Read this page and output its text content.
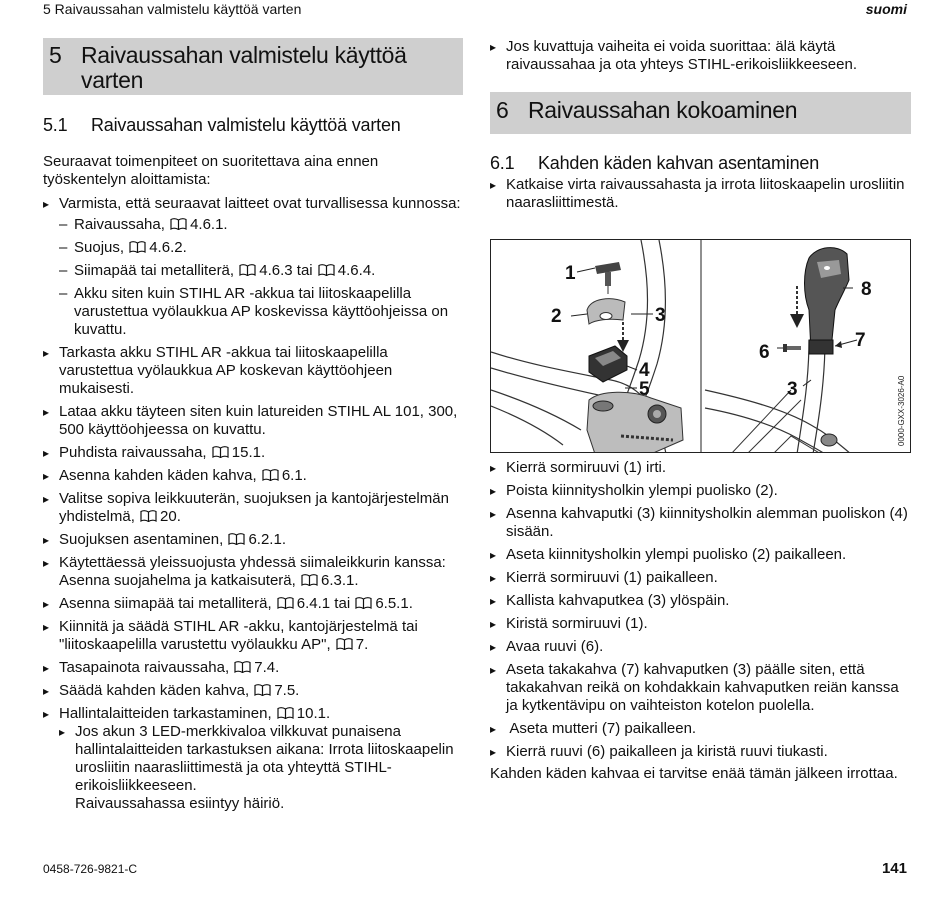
5 Raivaussahan valmistelu käyttöä varten	suomi
5 Raivaussahan valmistelu käyttöä varten
5.1	Raivaussahan valmistelu käyttöä varten

Seuraavat toimenpiteet on suoritettava aina ennen työskentelyn aloittamista:

▸ Varmista, että seuraavat laitteet ovat turvallisessa kunnossa:
– Raivaussaha, 4.6.1.
– Suojus, 4.6.2.
– Siimapää tai metalliterä, 4.6.3 tai 4.6.4.
– Akku siten kuin STIHL AR -akkua tai liitoskaapelilla varustettua vyölaukkua AP koskevissa käyttöohjeissa on kuvattu.
▸ Tarkasta akku STIHL AR -akkua tai liitoskaapelilla varustettua vyölaukkua AP koskevan käyttöohjeen mukaisesti.
▸ Lataa akku täyteen siten kuin latureiden STIHL AL 101, 300, 500 käyttöohjeessa on kuvattu.
▸ Puhdista raivaussaha, 15.1.
▸ Asenna kahden käden kahva, 6.1.
▸ Valitse sopiva leikkuuterän, suojuksen ja kantojärjestelmän yhdistelmä, 20.
▸ Suojuksen asentaminen, 6.2.1.
▸ Käytettäessä yleissuojusta yhdessä siimaleikkurin kanssa: Asenna suojahelma ja katkaisuterä, 6.3.1.
▸ Asenna siimapää tai metalliterä, 6.4.1 tai 6.5.1.
▸ Kiinnitä ja säädä STIHL AR -akku, kantojärjestelmä tai "liitoskaapelilla varustettu vyölaukku AP", 7.
▸ Tasapainota raivaussaha, 7.4.
▸ Säädä kahden käden kahva, 7.5.
▸ Hallintalaitteiden tarkastaminen, 10.1.
▸ Jos akun 3 LED-merkkivaloa vilkkuvat punaisena hallintalaitteiden tarkastuksen aikana: Irrota liitoskaapelin urosliitin naarasliittimestä ja ota yhteyttä STIHL-erikoisliikkeeseen.
Raivaussahassa esiintyy häiriö.
▸ Jos kuvattuja vaiheita ei voida suorittaa: älä käytä raivaussahaa ja ota yhteys STIHL-erikoisliikkeeseen.
6 Raivaussahan kokoaminen
6.1	Kahden käden kahvan asentaminen
▸ Katkaise virta raivaussahasta ja irrota liitoskaapelin urosliitin naarasliittimestä.
1
2	3
4
5
6
3
8
7
0000-GXX-3026-A0
▸ Kierrä sormiruuvi (1) irti.
▸ Poista kiinnitysholkin ylempi puolisko (2).
▸ Asenna kahvaputki (3) kiinnitysholkin alemman puoliskon (4) sisään.
▸ Aseta kiinnitysholkin ylempi puolisko (2) paikalleen.
▸ Kierrä sormiruuvi (1) paikalleen.
▸ Kallista kahvaputkea (3) ylöspäin.
▸ Kiristä sormiruuvi (1).
▸ Avaa ruuvi (6).
▸ Aseta takakahva (7) kahvaputken (3) päälle siten, että takakahvan reikä on kohdakkain kahvaputken reiän kanssa ja kytkentävipu on vaihteiston kotelon puolella.
▸  Aseta mutteri (7) paikalleen.
▸ Kierrä ruuvi (6) paikalleen ja kiristä ruuvi tiukasti.

Kahden käden kahvaa ei tarvitse enää tämän jälkeen irrottaa.

0458-726-9821-C	141
